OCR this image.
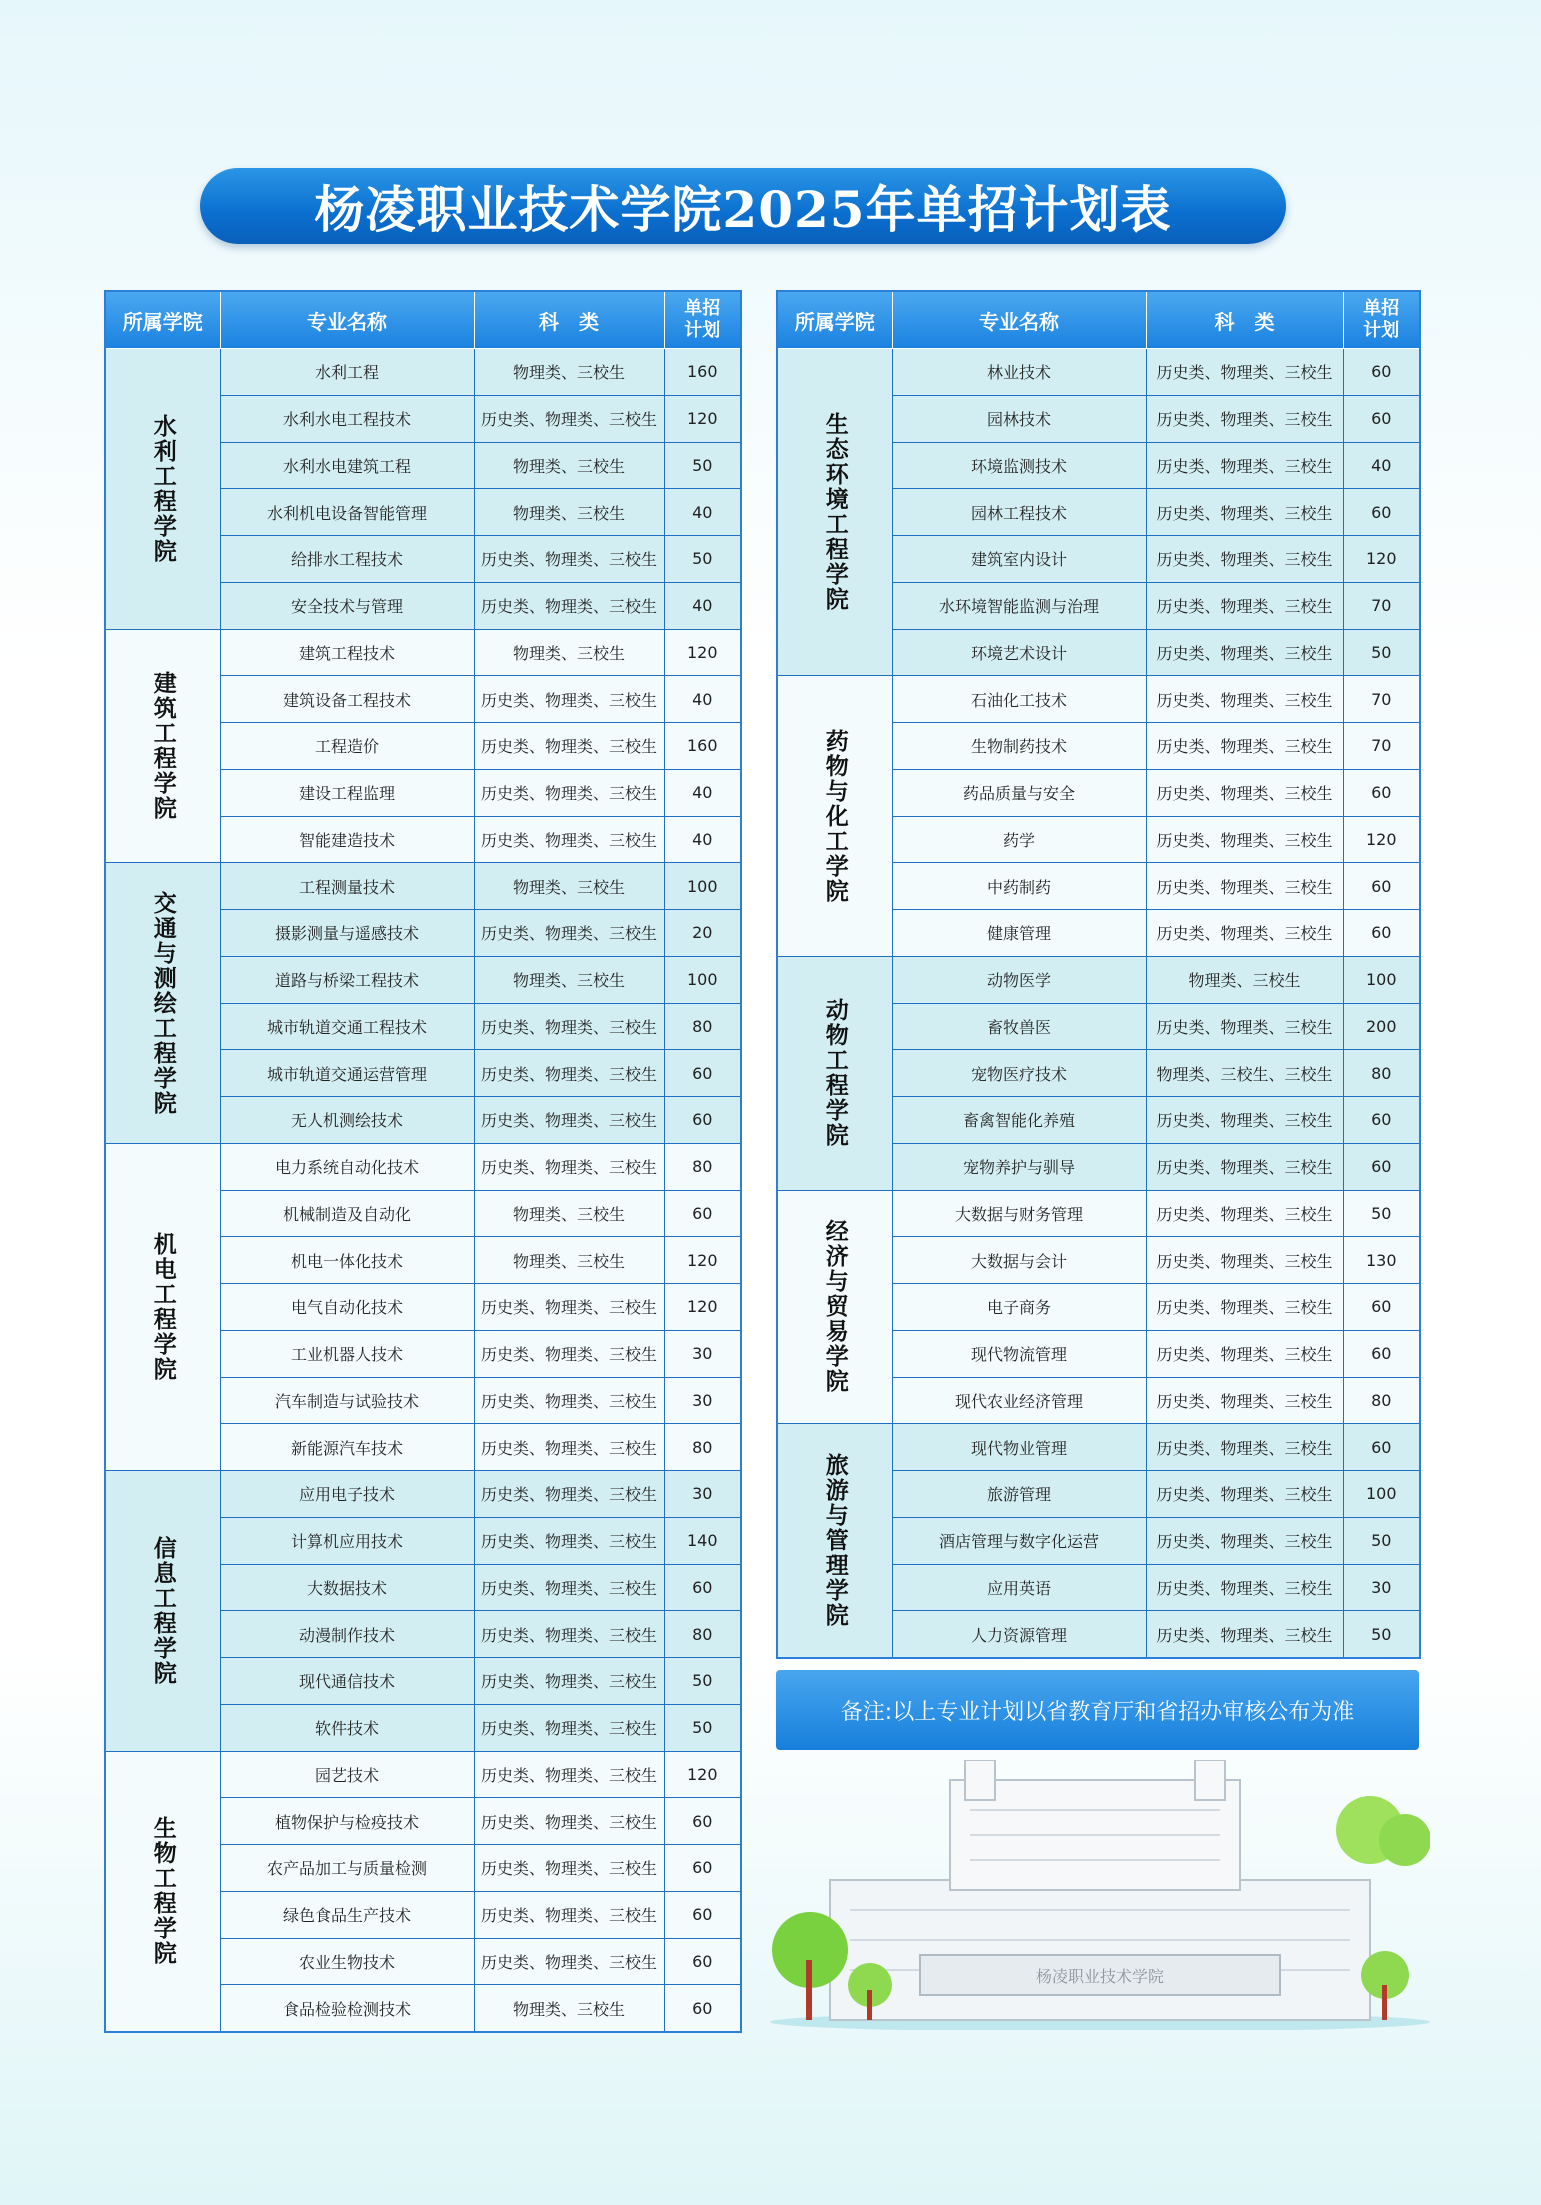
杨凌职业技术学院2025年单招计划表
所属学院	专业名称	科　类	单招
计划

水利工程学院	水利工程	物理类、三校生	160
	水利水电工程技术	历史类、物理类、三校生	120
	水利水电建筑工程	物理类、三校生	50
	水利机电设备智能管理	物理类、三校生	40
	给排水工程技术	历史类、物理类、三校生	50
	安全技术与管理	历史类、物理类、三校生	40
建筑工程学院	建筑工程技术	物理类、三校生	120
	建筑设备工程技术	历史类、物理类、三校生	40
	工程造价	历史类、物理类、三校生	160
	建设工程监理	历史类、物理类、三校生	40
	智能建造技术	历史类、物理类、三校生	40
交通与测绘工程学院	工程测量技术	物理类、三校生	100
	摄影测量与遥感技术	历史类、物理类、三校生	20
	道路与桥梁工程技术	物理类、三校生	100
	城市轨道交通工程技术	历史类、物理类、三校生	80
	城市轨道交通运营管理	历史类、物理类、三校生	60
	无人机测绘技术	历史类、物理类、三校生	60
机电工程学院	电力系统自动化技术	历史类、物理类、三校生	80
	机械制造及自动化	物理类、三校生	60
	机电一体化技术	物理类、三校生	120
	电气自动化技术	历史类、物理类、三校生	120
	工业机器人技术	历史类、物理类、三校生	30
	汽车制造与试验技术	历史类、物理类、三校生	30
	新能源汽车技术	历史类、物理类、三校生	80
信息工程学院	应用电子技术	历史类、物理类、三校生	30
	计算机应用技术	历史类、物理类、三校生	140
	大数据技术	历史类、物理类、三校生	60
	动漫制作技术	历史类、物理类、三校生	80
	现代通信技术	历史类、物理类、三校生	50
	软件技术	历史类、物理类、三校生	50
生物工程学院	园艺技术	历史类、物理类、三校生	120
	植物保护与检疫技术	历史类、物理类、三校生	60
	农产品加工与质量检测	历史类、物理类、三校生	60
	绿色食品生产技术	历史类、物理类、三校生	60
	农业生物技术	历史类、物理类、三校生	60
	食品检验检测技术	物理类、三校生	60
所属学院	专业名称	科　类	单招
计划

生态环境工程学院	林业技术	历史类、物理类、三校生	60
	园林技术	历史类、物理类、三校生	60
	环境监测技术	历史类、物理类、三校生	40
	园林工程技术	历史类、物理类、三校生	60
	建筑室内设计	历史类、物理类、三校生	120
	水环境智能监测与治理	历史类、物理类、三校生	70
	环境艺术设计	历史类、物理类、三校生	50
药物与化工学院	石油化工技术	历史类、物理类、三校生	70
	生物制药技术	历史类、物理类、三校生	70
	药品质量与安全	历史类、物理类、三校生	60
	药学	历史类、物理类、三校生	120
	中药制药	历史类、物理类、三校生	60
	健康管理	历史类、物理类、三校生	60
动物工程学院	动物医学	物理类、三校生	100
	畜牧兽医	历史类、物理类、三校生	200
	宠物医疗技术	物理类、三校生、三校生	80
	畜禽智能化养殖	历史类、物理类、三校生	60
	宠物养护与驯导	历史类、物理类、三校生	60
经济与贸易学院	大数据与财务管理	历史类、物理类、三校生	50
	大数据与会计	历史类、物理类、三校生	130
	电子商务	历史类、物理类、三校生	60
	现代物流管理	历史类、物理类、三校生	60
	现代农业经济管理	历史类、物理类、三校生	80
旅游与管理学院	现代物业管理	历史类、物理类、三校生	60
	旅游管理	历史类、物理类、三校生	100
	酒店管理与数字化运营	历史类、物理类、三校生	50
	应用英语	历史类、物理类、三校生	30
	人力资源管理	历史类、物理类、三校生	50
备注:以上专业计划以省教育厅和省招办审核公布为准
杨凌职业技术学院
